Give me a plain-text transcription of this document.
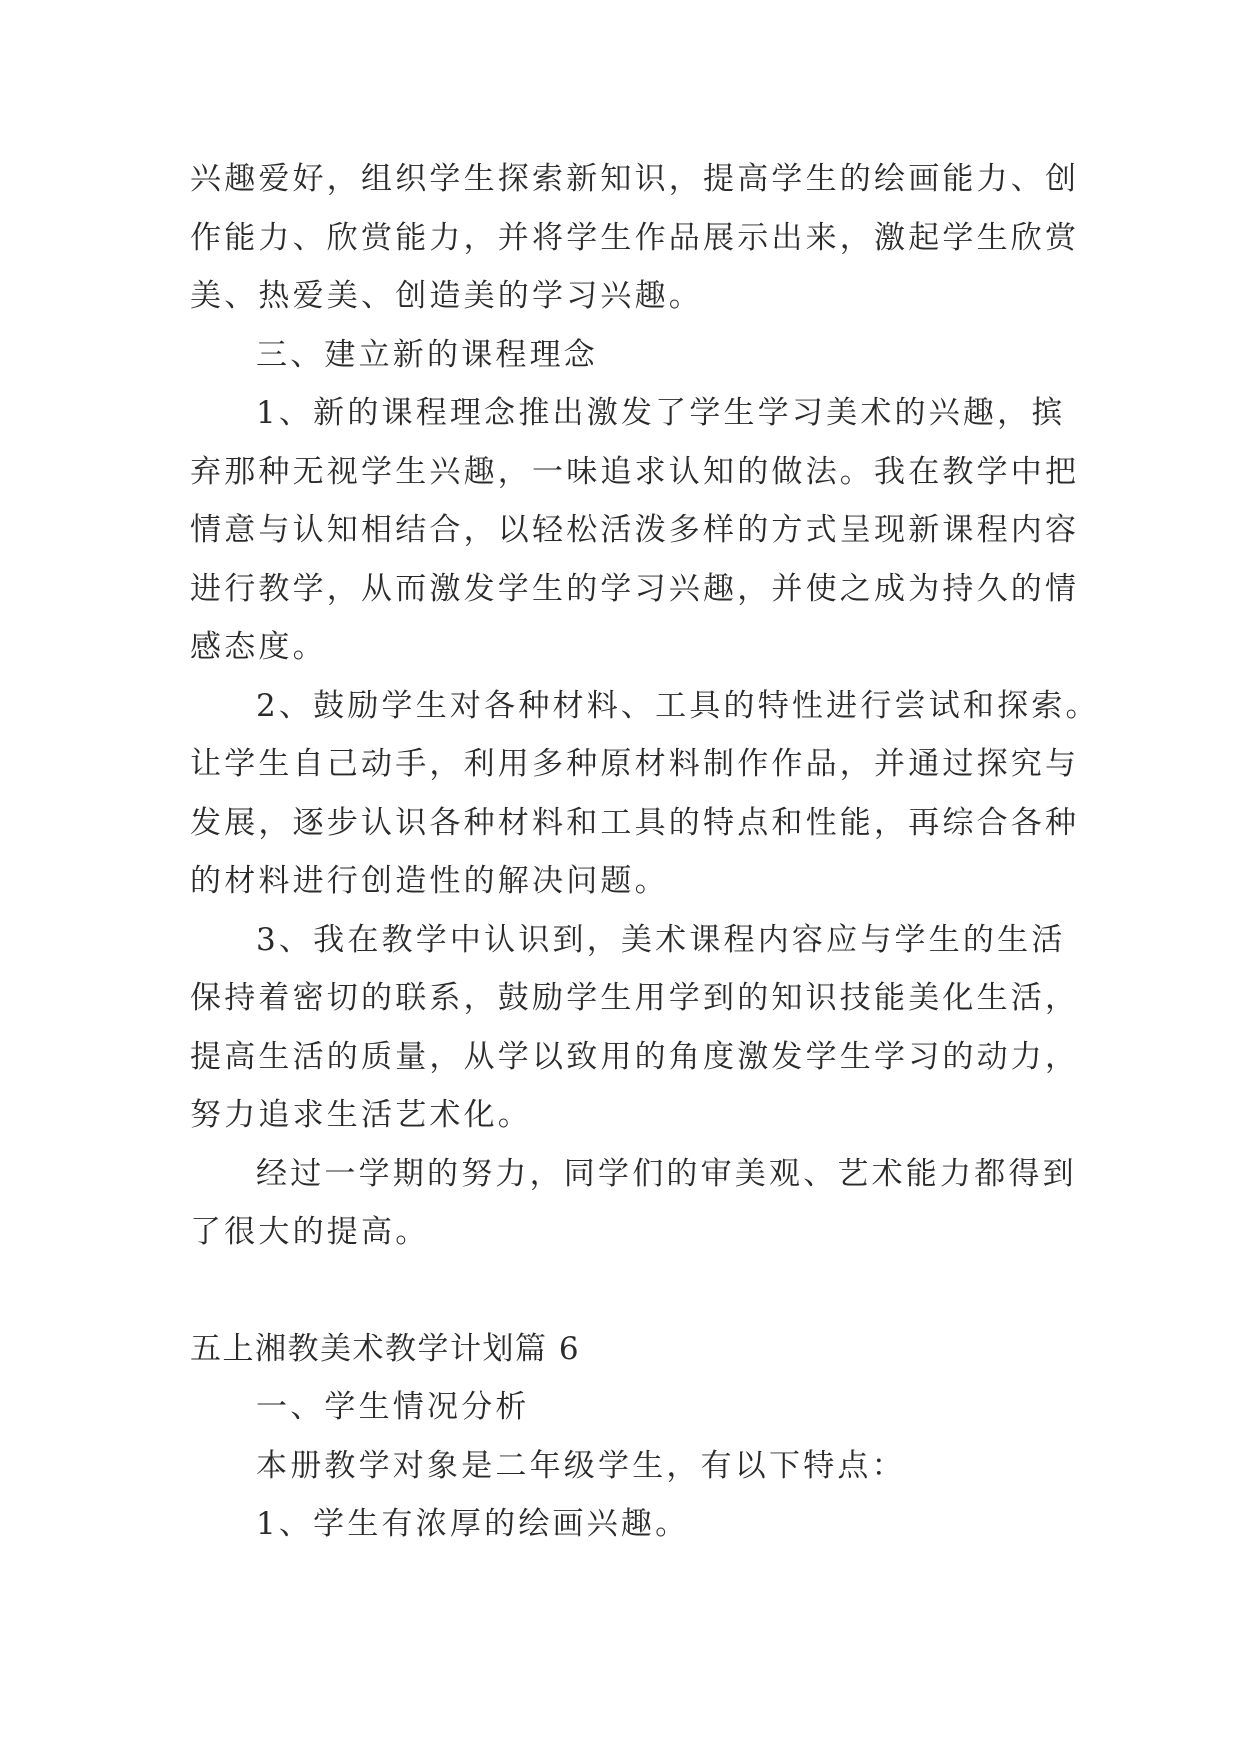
兴趣爱好，组织学生探索新知识，提高学生的绘画能力、创
作能力、欣赏能力，并将学生作品展示出来，激起学生欣赏
美、热爱美、创造美的学习兴趣。
三、建立新的课程理念
1、新的课程理念推出激发了学生学习美术的兴趣，摈
弃那种无视学生兴趣，一味追求认知的做法。我在教学中把
情意与认知相结合，以轻松活泼多样的方式呈现新课程内容
进行教学，从而激发学生的学习兴趣，并使之成为持久的情
感态度。
2、鼓励学生对各种材料、工具的特性进行尝试和探索。
让学生自己动手，利用多种原材料制作作品，并通过探究与
发展，逐步认识各种材料和工具的特点和性能，再综合各种
的材料进行创造性的解决问题。
3、我在教学中认识到，美术课程内容应与学生的生活
保持着密切的联系，鼓励学生用学到的知识技能美化生活，
提高生活的质量，从学以致用的角度激发学生学习的动力，
努力追求生活艺术化。
经过一学期的努力，同学们的审美观、艺术能力都得到
了很大的提高。
五上湘教美术教学计划篇 6
一、学生情况分析
本册教学对象是二年级学生，有以下特点：
1、学生有浓厚的绘画兴趣。
